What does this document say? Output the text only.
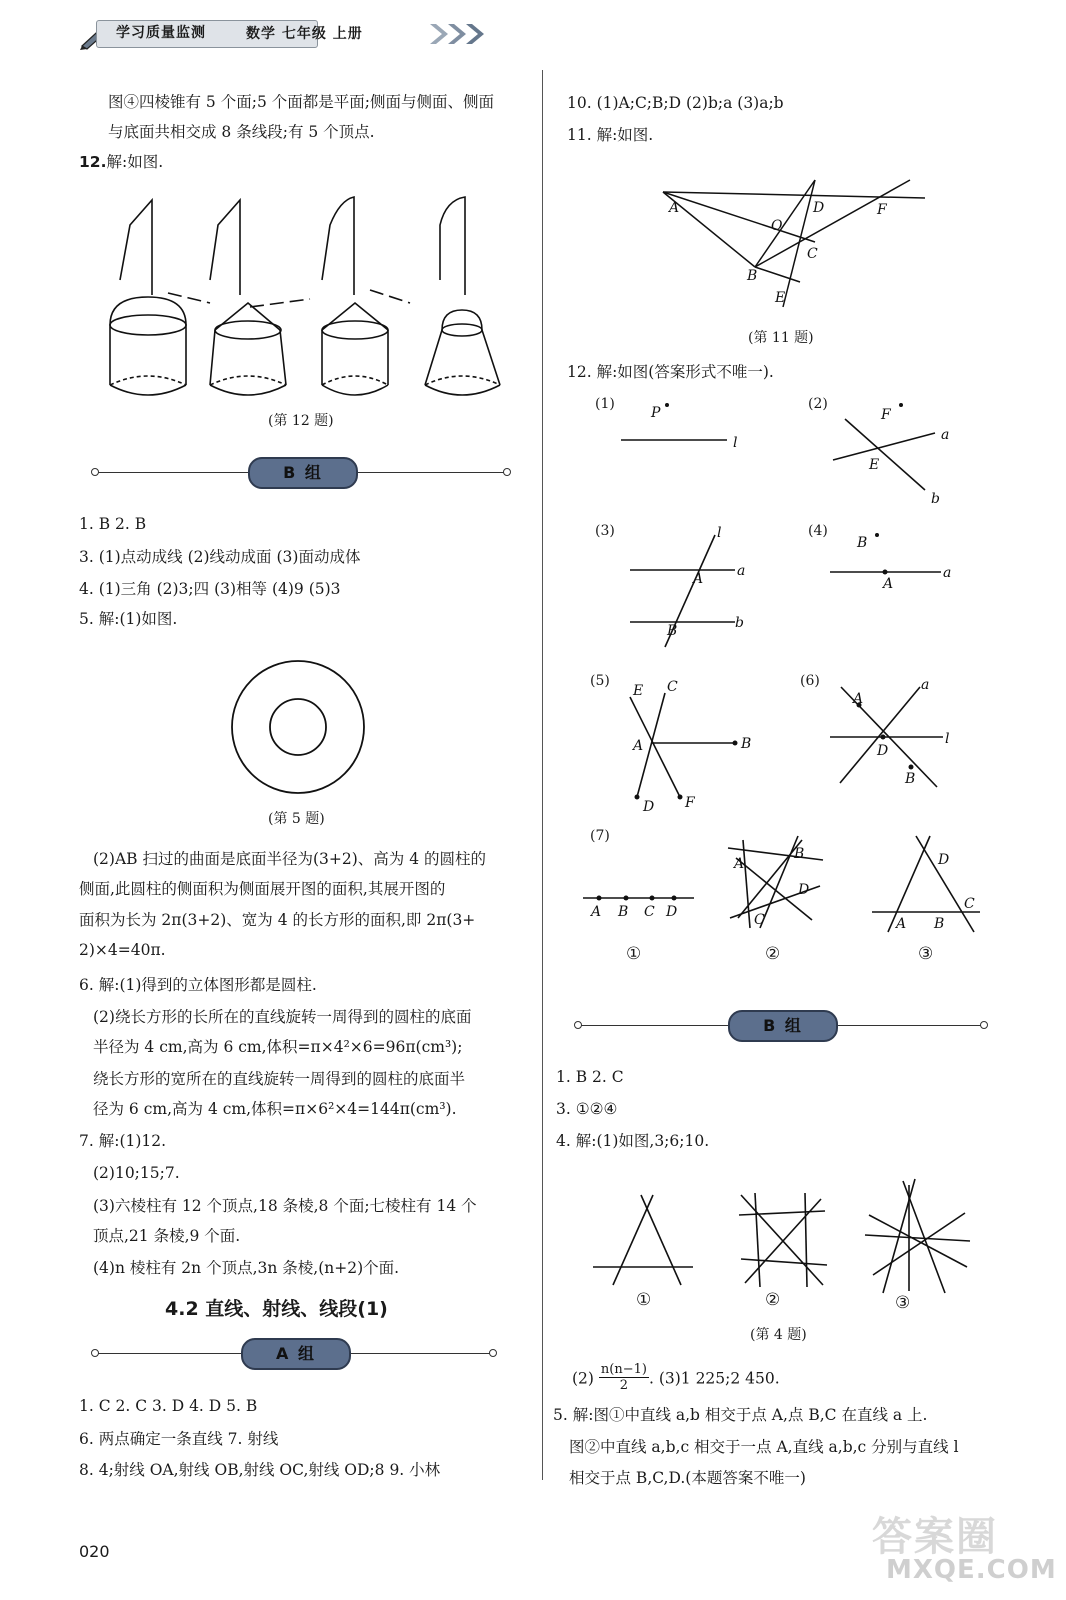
学习质量监测	数学 七年级 上册
图④四棱锥有 5 个面;5 个面都是平面;侧面与侧面、侧面
与底面共相交成 8 条线段;有 5 个顶点.
12.解:如图.
(第 12 题)
B 组
1. B 2. B
3. (1)点动成线 (2)线动成面 (3)面动成体
4. (1)三角 (2)3;四 (3)相等 (4)9 (5)3
5. 解:(1)如图.
(第 5 题)
(2)AB 扫过的曲面是底面半径为(3+2)、高为 4 的圆柱的
侧面,此圆柱的侧面积为侧面展开图的面积,其展开图的
面积为长为 2π(3+2)、宽为 4 的长方形的面积,即 2π(3+
2)×4=40π.
6. 解:(1)得到的立体图形都是圆柱.
(2)绕长方形的长所在的直线旋转一周得到的圆柱的底面
半径为 4 cm,高为 6 cm,体积=π×4²×6=96π(cm³);
绕长方形的宽所在的直线旋转一周得到的圆柱的底面半
径为 6 cm,高为 4 cm,体积=π×6²×4=144π(cm³).
7. 解:(1)12.
(2)10;15;7.
(3)六棱柱有 12 个顶点,18 条棱,8 个面;七棱柱有 14 个
顶点,21 条棱,9 个面.
(4)n 棱柱有 2n 个顶点,3n 条棱,(n+2)个面.
4.2 直线、射线、线段(1)
A 组
1. C 2. C 3. D 4. D 5. B
6. 两点确定一条直线 7. 射线
8. 4;射线 OA,射线 OB,射线 OC,射线 OD;8 9. 小林
10. (1)A;C;B;D (2)b;a (3)a;b
11. 解:如图.
A	D	F
O
C
B
E
(第 11 题)
12. 解:如图(答案形式不唯一).
(1)
P
l
(2)
F
E
a
b
(3)	l
A
B
a
b
(4)
B
A
a
(5)
E C
A	B
D F
(6)
A
a
D
l
B
(7)
A B C D
A
B
D
C
D
C
A B
①	②	③
B 组
1. B 2. C
3. ①②④
4. 解:(1)如图,3;6;10.
①	②	③
(第 4 题)
$(2) \frac{n(n-1)}{2}$ . (3)1 225;2 450.
5. 解:图①中直线 a,b 相交于点 A,点 B,C 在直线 a 上.
图②中直线 a,b,c 相交于一点 A,直线 a,b,c 分别与直线 l
相交于点 B,C,D.(本题答案不唯一)
020	答案圈
MXQE.COM
